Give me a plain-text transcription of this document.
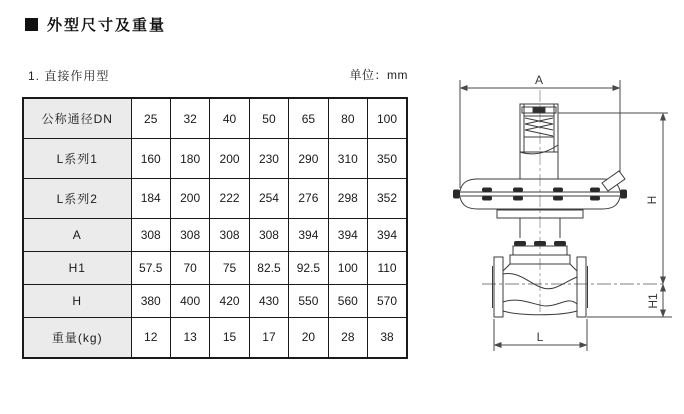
外型尺寸及重量
1. 直接作用型	单位：mm
公称通径DN	25	32	40	50	65	80	100
L系列1	160	180	200	230	290	310	350
L系列2	184	200	222	254	276	298	352
A	308	308	308	308	394	394	394
H1	57.5	70	75	82.5	92.5	100	110
H	380	400	420	430	550	560	570
重量(kg)	12	13	15	17	20	28	38
A
H
H1
L
